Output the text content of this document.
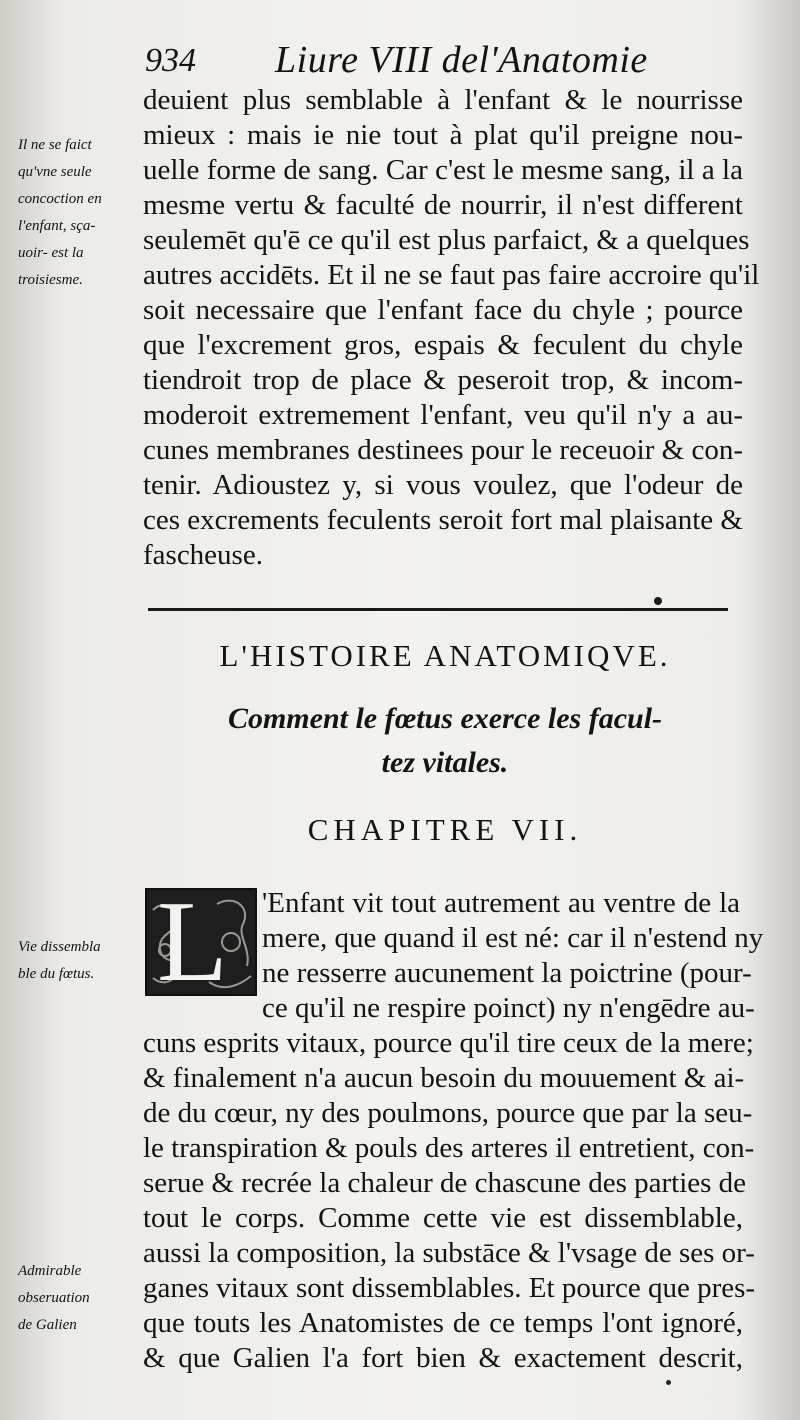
934 Liure VIII del'Anatomie
deuient plus semblable à l'enfant & le nourrisse
mieux : mais ie nie tout à plat qu'il preigne nou-
uelle forme de sang. Car c'est le mesme sang, il a la
mesme vertu & faculté de nourrir, il n'est different
seulemēt qu'ē ce qu'il est plus parfaict, & a quelques
autres accidēts. Et il ne se faut pas faire accroire qu'il
soit necessaire que l'enfant face du chyle ; pource
que l'excrement gros, espais & feculent du chyle
tiendroit trop de place & peseroit trop, & incom-
moderoit extremement l'enfant, veu qu'il n'y a au-
cunes membranes destinees pour le receuoir & con-
tenir. Adioustez y, si vous voulez, que l'odeur de
ces excrements feculents seroit fort mal plaisante &
fascheuse.
Il ne se faict
qu'vne seule
concoction en
l'enfant, sça-
uoir- est la
troisiesme.
L'HISTOIRE ANATOMIQVE.
Comment le fœtus exerce les facul-
tez vitales.
CHAPITRE VII.
L 'Enfant vit tout autrement au ventre de la
mere, que quand il est né: car il n'estend ny
ne resserre aucunement la poictrine (pour-
ce qu'il ne respire poinct) ny n'engēdre au-
cuns esprits vitaux, pource qu'il tire ceux de la mere;
& finalement n'a aucun besoin du mouuement & ai-
de du cœur, ny des poulmons, pource que par la seu-
le transpiration & pouls des arteres il entretient, con-
serue & recrée la chaleur de chascune des parties de
tout le corps. Comme cette vie est dissemblable,
aussi la composition, la substāce & l'vsage de ses or-
ganes vitaux sont dissemblables. Et pource que pres-
que touts les Anatomistes de ce temps l'ont ignoré,
& que Galien l'a fort bien & exactement descrit,
Vie dissembla
ble du fœtus.
Admirable
obseruation
de Galien
